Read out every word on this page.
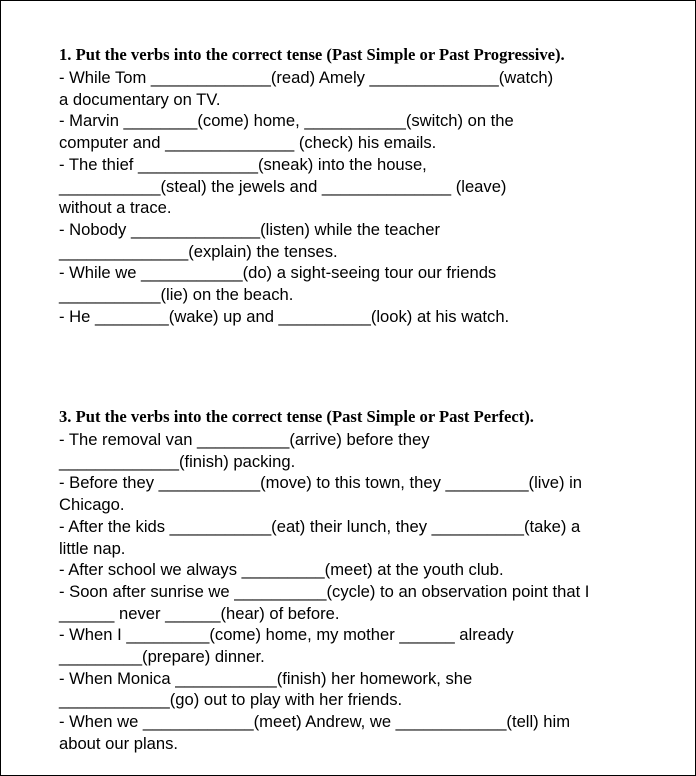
1. Put the verbs into the correct tense (Past Simple or Past Progressive).
- While Tom _____________(read) Amely ______________(watch)
a documentary on TV.
- Marvin ________(come) home, ___________(switch) on the
computer and ______________ (check) his emails.
- The thief _____________(sneak) into the house,
___________(steal) the jewels and ______________ (leave)
without a trace.
- Nobody ______________(listen) while the teacher
______________(explain) the tenses.
- While we ___________(do) a sight-seeing tour our friends
___________(lie) on the beach.
- He ________(wake) up and __________(look) at his watch.
3. Put the verbs into the correct tense (Past Simple or Past Perfect).
- The removal van __________(arrive) before they
_____________(finish) packing.
- Before they ___________(move) to this town, they _________(live) in
Chicago.
- After the kids ___________(eat) their lunch, they __________(take) a
little nap.
- After school we always _________(meet) at the youth club.
- Soon after sunrise we __________(cycle) to an observation point that I
______ never ______(hear) of before.
- When I _________(come) home, my mother ______ already
_________(prepare) dinner.
- When Monica ___________(finish) her homework, she
____________(go) out to play with her friends.
- When we ____________(meet) Andrew, we ____________(tell) him
about our plans.
